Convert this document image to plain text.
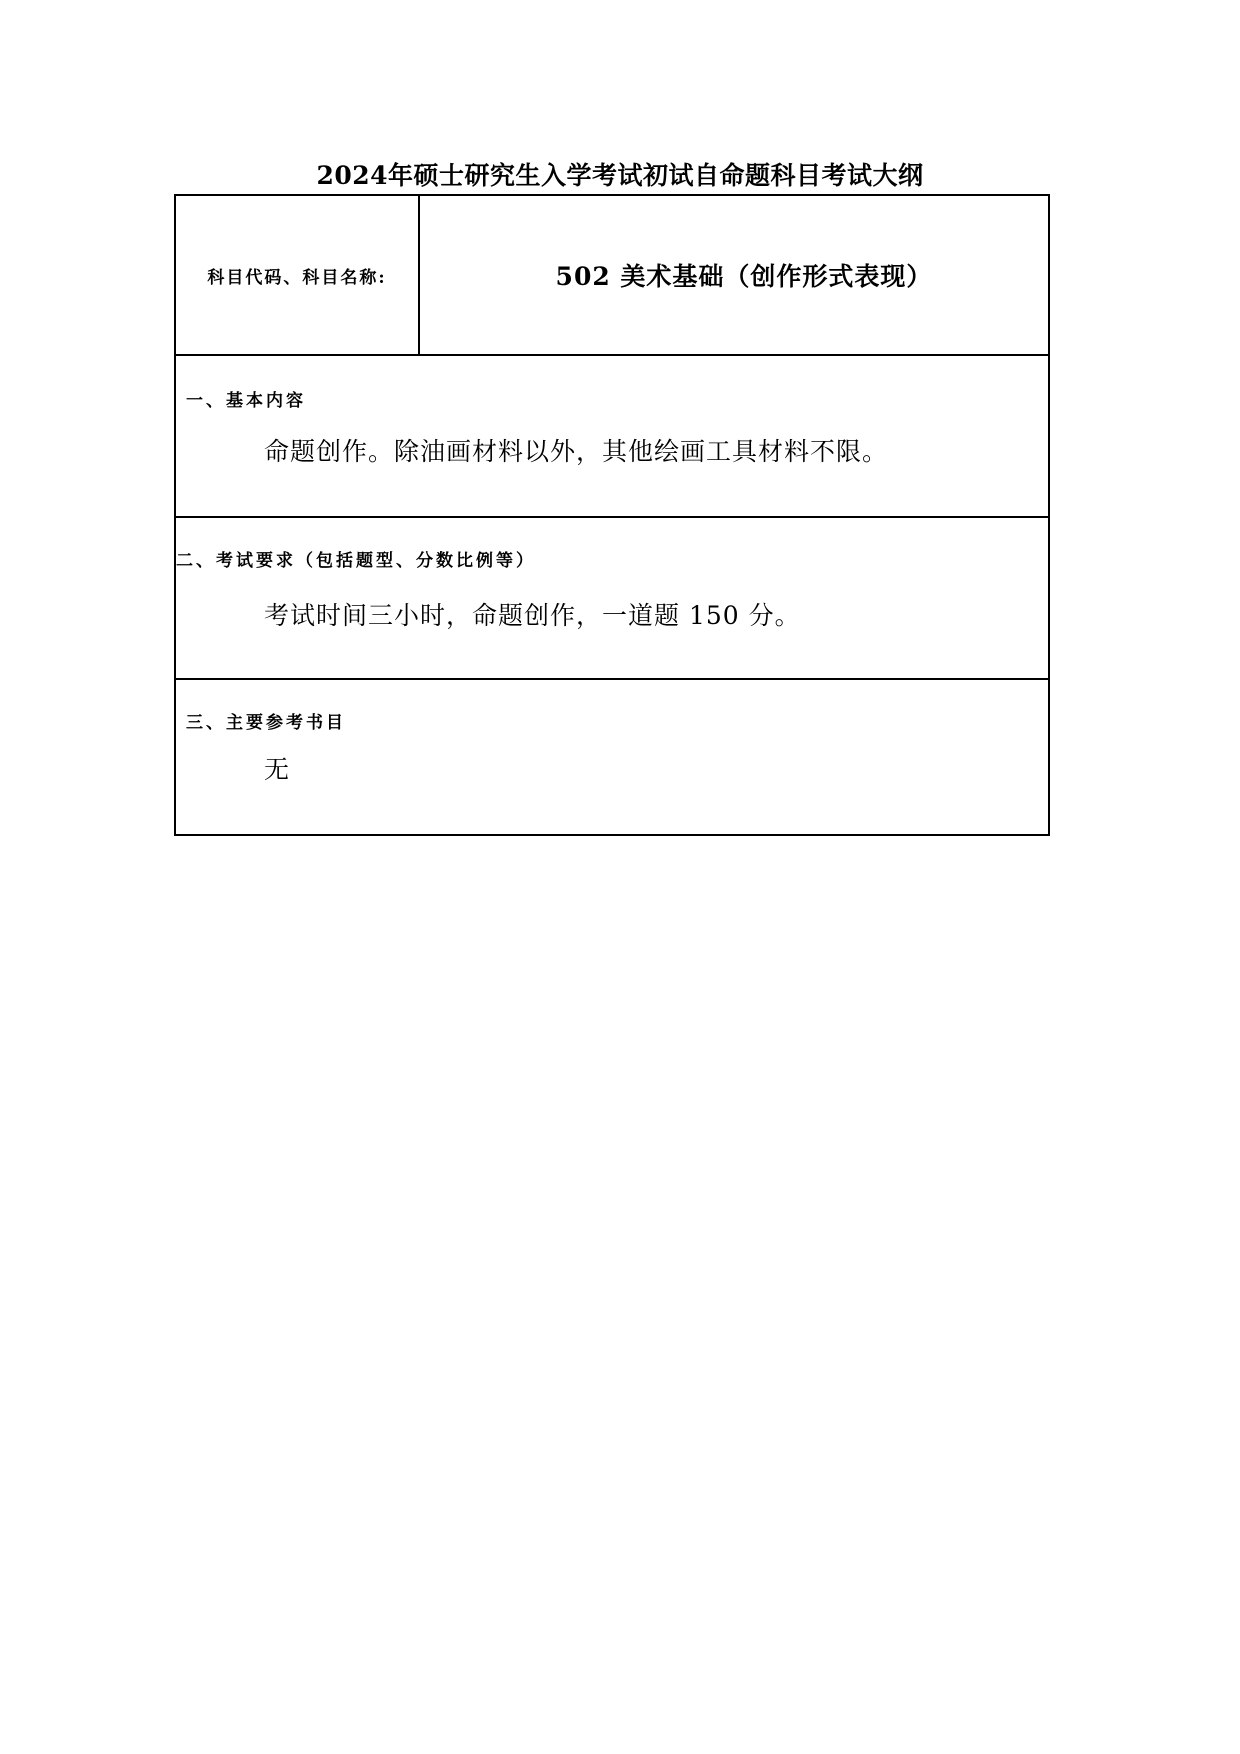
2024年硕士研究生入学考试初试自命题科目考试大纲
科目代码、科目名称:	502 美术基础（创作形式表现）
一、基本内容
命题创作。除油画材料以外，其他绘画工具材料不限。
二、考试要求（包括题型、分数比例等）
考试时间三小时，命题创作，一道题 150 分。
三、主要参考书目
无
